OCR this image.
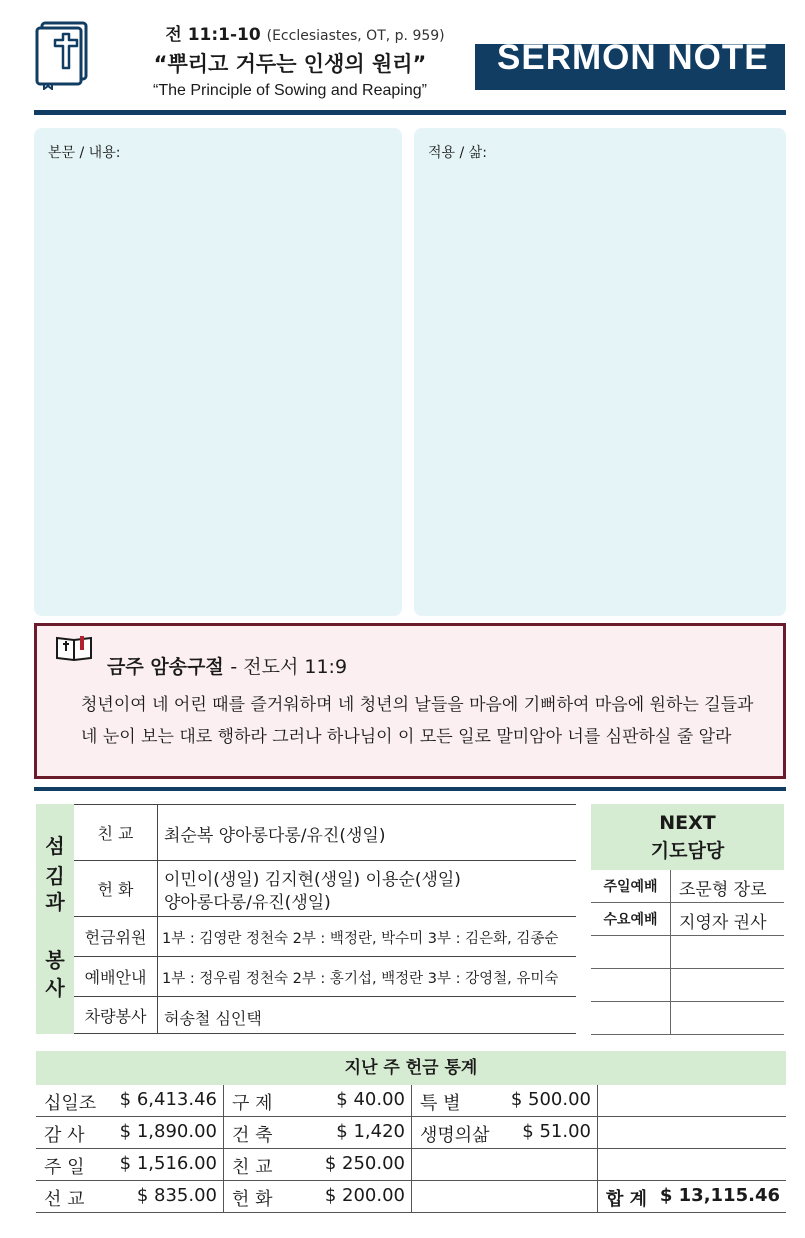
전 11:1-10 (Ecclesiastes, OT, p. 959)
“뿌리고 거두는 인생의 원리”
“The Principle of Sowing and Reaping”
SERMON NOTE
본문 / 내용:	적용 / 삶:
금주 암송구절 - 전도서 11:9
청년이여 네 어린 때를 즐거워하며 네 청년의 날들을 마음에 기뻐하여 마음에 원하는 길들과
네 눈이 보는 대로 행하라 그러나 하나님이 이 모든 일로 말미암아 너를 심판하실 줄 알라
섬
김
과
봉
사
친 교	최순복 양아롱다롱/유진(생일)
헌 화	이민이(생일) 김지현(생일) 이용순(생일)
양아롱다롱/유진(생일)
헌금위원	1부 : 김영란 정천숙 2부 : 백정란, 박수미 3부 : 김은화, 김종순
예배안내	1부 : 정우림 정천숙 2부 : 홍기섭, 백정란 3부 : 강영철, 유미숙
차량봉사	허송철 심인택
NEXT
기도담당
주일예배	조문형 장로
수요예배	지영자 권사
지난 주 헌금 통계
십일조 $ 6,413.46 구 제	$ 40.00 특 별	$ 500.00
감 사 $ 1,890.00 건 축	$ 1,420 생명의삶 $ 51.00
주 일 $ 1,516.00 친 교	$ 250.00
선 교	$ 835.00 헌 화	$ 200.00	합 계 $ 13,115.46
